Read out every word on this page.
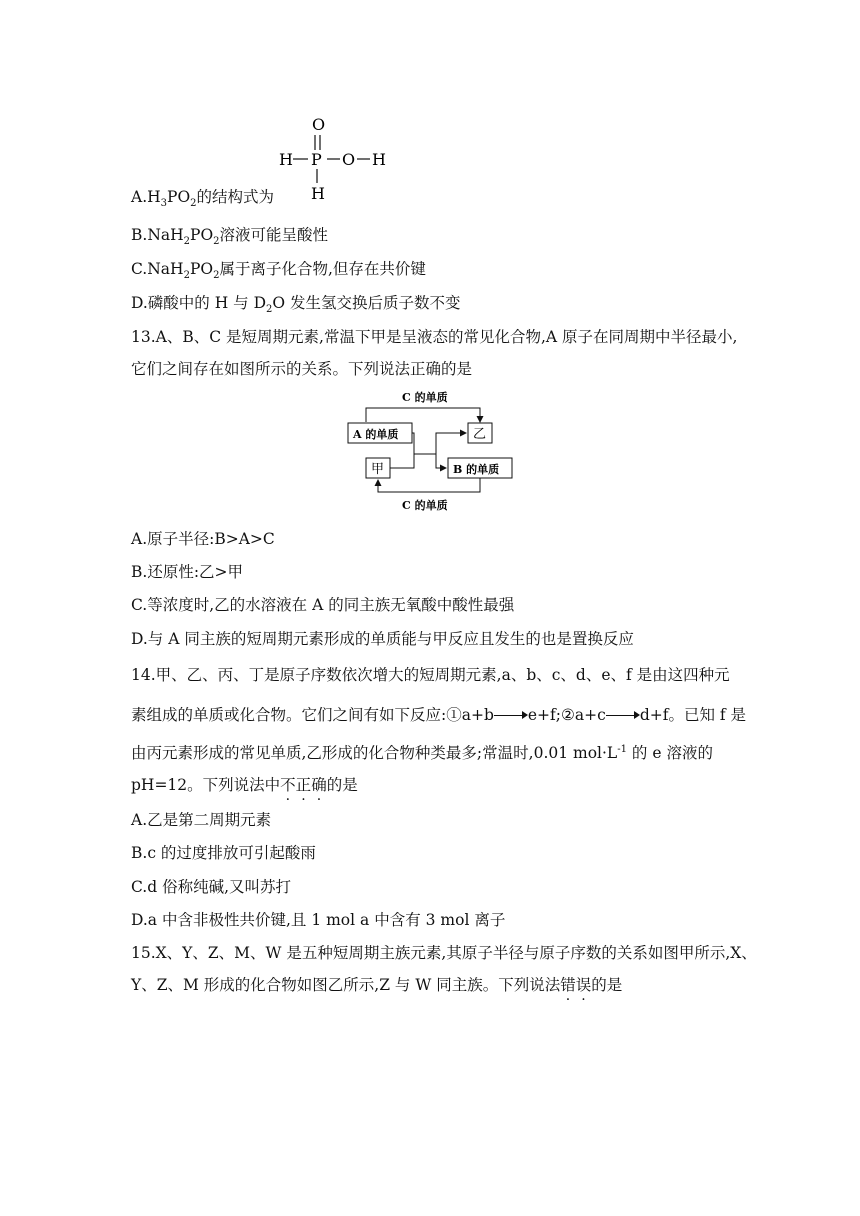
O
H P O H
H
$A.H_3PO_2$的结构式为
$B.NaH_2PO_2$溶液可能呈酸性
$C.NaH_2PO_2$属于离子化合物,但存在共价键
D.磷酸中的 H 与 $D_2O$ 发生氢交换后质子数不变
13.A、B、C 是短周期元素,常温下甲是呈液态的常见化合物,A 原子在同周期中半径最小,
它们之间存在如图所示的关系。下列说法正确的是
C 的单质
A 的单质	乙
甲	B 的单质
C 的单质
A.原子半径:B>A>C
B.还原性:乙>甲
C.等浓度时,乙的水溶液在 A 的同主族无氧酸中酸性最强
D.与 A 同主族的短周期元素形成的单质能与甲反应且发生的也是置换反应
14.甲、乙、丙、丁是原子序数依次增大的短周期元素,a、b、c、d、e、f 是由这四种元
素组成的单质或化合物。它们之间有如下反应:①a+b e+f;②a+c d+f。已知 f 是
由丙元素形成的常见单质,乙形成的化合物种类最多;常温时,0.01 $mol\cdot L^{-1}$ 的 e 溶液的
pH=12。下列说法中不正确的是
A.乙是第二周期元素
B.c 的过度排放可引起酸雨
C.d 俗称纯碱,又叫苏打
D.a 中含非极性共价键,且 1 mol a 中含有 3 mol 离子
15.X、Y、Z、M、W 是五种短周期主族元素,其原子半径与原子序数的关系如图甲所示,X、
Y、Z、M 形成的化合物如图乙所示,Z 与 W 同主族。下列说法错误的是
